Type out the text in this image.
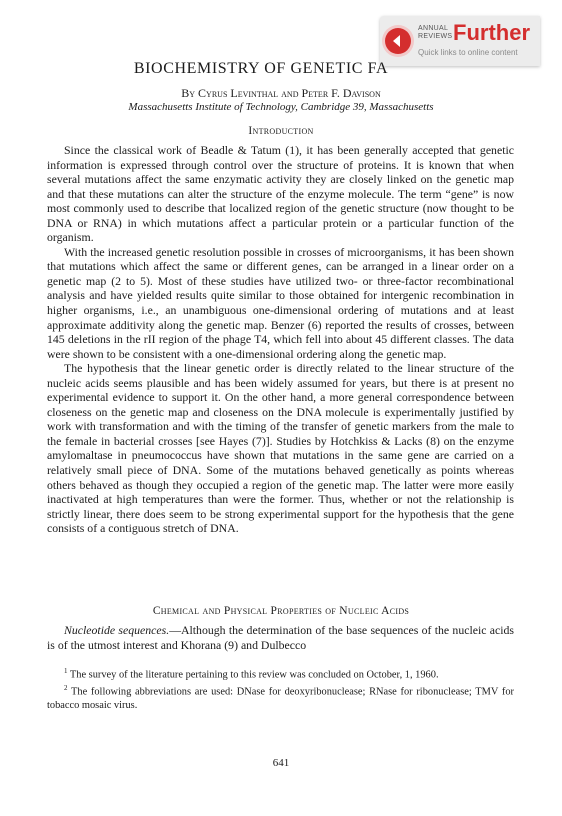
ANNUAL
REVIEWS Further
Quick links to online content
BIOCHEMISTRY OF GENETIC FA
By Cyrus Levinthal and Peter F. Davison
Massachusetts Institute of Technology, Cambridge 39, Massachusetts
Introduction

Since the classical work of Beadle & Tatum (1), it has been generally accepted that genetic information is expressed through control over the structure of proteins. It is known that when several mutations affect the same enzymatic activity they are closely linked on the genetic map and that these mutations can alter the structure of the enzyme molecule. The term “gene” is now most commonly used to describe that localized region of the genetic structure (now thought to be DNA or RNA) in which mutations affect a particular protein or a particular function of the organism.

With the increased genetic resolution possible in crosses of microorganisms, it has been shown that mutations which affect the same or different genes, can be arranged in a linear order on a genetic map (2 to 5). Most of these studies have utilized two- or three-factor recombinational analysis and have yielded results quite similar to those obtained for intergenic recombination in higher organisms, i.e., an unambiguous one-dimensional ordering of mutations and at least approximate additivity along the genetic map. Benzer (6) reported the results of crosses, between 145 deletions in the rII region of the phage T4, which fell into about 45 different classes. The data were shown to be consistent with a one-dimensional ordering along the genetic map.

The hypothesis that the linear genetic order is directly related to the linear structure of the nucleic acids seems plausible and has been widely assumed for years, but there is at present no experimental evidence to support it. On the other hand, a more general correspondence between closeness on the genetic map and closeness on the DNA molecule is experimentally justified by work with transformation and with the timing of the transfer of genetic markers from the male to the female in bacterial crosses [see Hayes (7)]. Studies by Hotchkiss & Lacks (8) on the enzyme amylomaltase in pneumococcus have shown that mutations in the same gene are carried on a relatively small piece of DNA. Some of the mutations behaved genetically as points whereas others behaved as though they occupied a region of the genetic map. The latter were more easily inactivated at high temperatures than were the former. Thus, whether or not the relationship is strictly linear, there does seem to be strong experimental support for the hypothesis that the gene consists of a contiguous stretch of DNA.

Chemical and Physical Properties of Nucleic Acids

Nucleotide sequences.—Although the determination of the base sequences of the nucleic acids is of the utmost interest and Khorana (9) and Dulbecco

$^1$ The survey of the literature pertaining to this review was concluded on October, 1, 1960.

$^2$ The following abbreviations are used: DNase for deoxyribonuclease; RNase for ribonuclease; TMV for tobacco mosaic virus.

641
